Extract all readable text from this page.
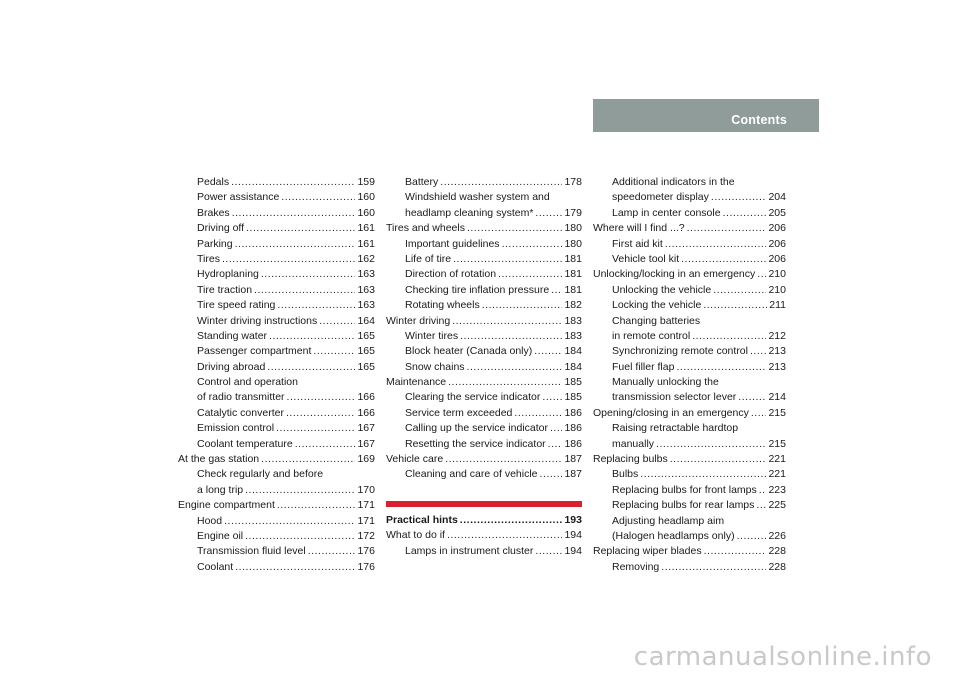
Contents
Pedals . . .	159
Power assistance . . .	160
Brakes . . .	160
Driving off . . .	161
Parking . . .	161
Tires . . .	162
Hydroplaning . . .	163
Tire traction . . .	163
Tire speed rating . . .	163
Winter driving instructions . . .	164
Standing water . . .	165
Passenger compartment . . .	165
Driving abroad . . .	165
Control and operation
of radio transmitter . . .	166
Catalytic converter . . .	166
Emission control . . .	167
Coolant temperature . . .	167
At the gas station . . .	169
Check regularly and before
a long trip . . .	170
Engine compartment . . .	171
Hood . . .	171
Engine oil . . .	172
Transmission fluid level . . .	176
Coolant . . .	176
Battery . . .	178
Windshield washer system and
headlamp cleaning system* . . .	179
Tires and wheels . . .	180
Important guidelines . . .	180
Life of tire . . .	181
Direction of rotation . . .	181
Checking tire inflation pressure . . . 181
Rotating wheels . . .	182
Winter driving . . .	183
Winter tires . . .	183
Block heater (Canada only) . . .	184
Snow chains . . .	184
Maintenance . . .	185
Clearing the service indicator . . . 185
Service term exceeded . . .	186
Calling up the service indicator . . . 186
Resetting the service indicator . . . 186
Vehicle care . . .	187
Cleaning and care of vehicle . . .	187
Practical hints . . .	193
What to do if . . .	194
Lamps in instrument cluster . . .	194
Additional indicators in the
speedometer display . . .	204
Lamp in center console . . .	205
Where will I find ...? . . .	206
First aid kit . . .	206
Vehicle tool kit . . .	206
Unlocking/locking in an emergency . . . 210
Unlocking the vehicle . . .	210
Locking the vehicle . . .	211
Changing batteries
in remote control . . .	212
Synchronizing remote control . . . 213
Fuel filler flap . . .	213
Manually unlocking the
transmission selector lever . . .	214
Opening/closing in an emergency . . . 215
Raising retractable hardtop
manually . . .	215
Replacing bulbs . . .	221
Bulbs . . .	221
Replacing bulbs for front lamps . . . 223
Replacing bulbs for rear lamps . . . 225
Adjusting headlamp aim
(Halogen headlamps only) . . .	226
Replacing wiper blades . . .	228
Removing . . .	228
carmanualsonline.info
